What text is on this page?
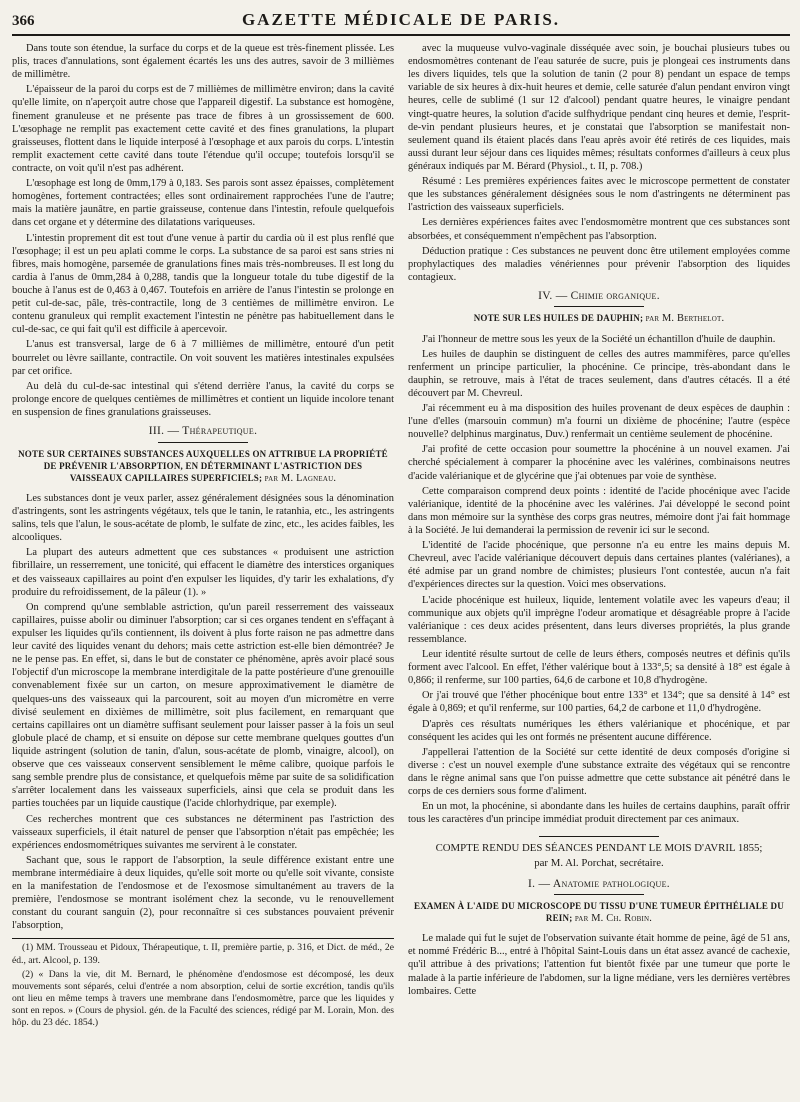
366	GAZETTE MÉDICALE DE PARIS.

Dans toute son étendue, la surface du corps et de la queue est très-finement plissée. Les plis, traces d'annulations, sont également écartés les uns des autres, savoir de 3 millièmes de millimètre.

L'épaisseur de la paroi du corps est de 7 millièmes de millimètre environ; dans la cavité qu'elle limite, on n'aperçoit autre chose que l'appareil digestif. La substance est homogène, finement granuleuse et ne présente pas trace de fibres à un grossissement de 600. L'œsophage ne remplit pas exactement cette cavité et des fines granulations, la plupart graisseuses, flottent dans le liquide interposé à l'œsophage et aux parois du corps. L'intestin remplit exactement cette cavité dans toute l'étendue qu'il occupe; toutefois lorsqu'il se contracte, on voit qu'il n'est pas adhérent.

L'œsophage est long de 0mm,179 à 0,183. Ses parois sont assez épaisses, complètement homogènes, fortement contractées; elles sont ordinairement rapprochées l'une de l'autre; mais la matière jaunâtre, en partie graisseuse, contenue dans l'intestin, refoule quelquefois dans cet organe et y détermine des dilatations variqueuses.

L'intestin proprement dit est tout d'une venue à partir du cardia où il est plus renflé que l'œsophage; il est un peu aplati comme le corps. La substance de sa paroi est sans stries ni fibres, mais homogène, parsemée de granulations fines mais très-nombreuses. Il est long du cardia à l'anus de 0mm,284 à 0,288, tandis que la longueur totale du tube digestif de la bouche à l'anus est de 0,463 à 0,467. Toutefois en arrière de l'anus l'intestin se prolonge en petit cul-de-sac, pâle, très-contractile, long de 3 centièmes de millimètre environ. Le contenu granuleux qui remplit exactement l'intestin ne pénètre pas habituellement dans le cul-de-sac, ce qui fait qu'il est difficile à apercevoir.

L'anus est transversal, large de 6 à 7 millièmes de millimètre, entouré d'un petit bourrelet ou lèvre saillante, contractile. On voit souvent les matières intestinales expulsées par cet orifice.

Au delà du cul-de-sac intestinal qui s'étend derrière l'anus, la cavité du corps se prolonge encore de quelques centièmes de millimètres et contient un liquide incolore tenant en suspension de fines granulations graisseuses.

III. — Thérapeutique.
NOTE SUR CERTAINES SUBSTANCES AUXQUELLES ON ATTRIBUE LA PROPRIÉTÉ DE PRÉVENIR L'ABSORPTION, EN DÉTERMINANT L'ASTRICTION DES VAISSEAUX CAPILLAIRES SUPERFICIELS; par M. Lagneau.

Les substances dont je veux parler, assez généralement désignées sous la dénomination d'astringents, sont les astringents végétaux, tels que le tanin, le ratanhia, etc., les astringents salins, tels que l'alun, le sous-acétate de plomb, le sulfate de zinc, etc., les acides faibles, les alcooliques.

La plupart des auteurs admettent que ces substances « produisent une astriction fibrillaire, un resserrement, une tonicité, qui effacent le diamètre des interstices organiques et des vaisseaux capillaires au point d'en expulser les liquides, d'y tarir les exhalations, d'y produire du refroidissement, de la pâleur (1). »

On comprend qu'une semblable astriction, qu'un pareil resserrement des vaisseaux capillaires, puisse abolir ou diminuer l'absorption; car si ces organes tendent en s'effaçant à expulser les liquides qu'ils contiennent, ils doivent à plus forte raison ne pas admettre dans leur cavité des liquides venant du dehors; mais cette astriction est-elle bien démontrée? Je ne le pense pas. En effet, si, dans le but de constater ce phénomène, après avoir placé sous l'objectif d'un microscope la membrane interdigitale de la patte postérieure d'une grenouille convenablement fixée sur un carton, on mesure approximativement le diamètre de quelques-uns des vaisseaux qui la parcourent, soit au moyen d'un micromètre en verre divisé seulement en dixièmes de millimètre, soit plus facilement, en remarquant que certains capillaires ont un diamètre suffisant seulement pour laisser passer à la fois un seul globule placé de champ, et si ensuite on dépose sur cette membrane quelques gouttes d'un liquide astringent (solution de tanin, d'alun, sous-acétate de plomb, vinaigre, alcool), on observe que ces vaisseaux conservent sensiblement le même calibre, quoique parfois le sang semble prendre plus de consistance, et quelquefois même par suite de sa solidification s'arrêter localement dans les vaisseaux superficiels, ainsi que cela se produit dans les parties touchées par un liquide caustique (l'acide chlorhydrique, par exemple).

Ces recherches montrent que ces substances ne déterminent pas l'astriction des vaisseaux superficiels, il était naturel de penser que l'absorption n'était pas empêchée; les expériences endosmométriques suivantes me servirent à le constater.

Sachant que, sous le rapport de l'absorption, la seule différence existant entre une membrane intermédiaire à deux liquides, qu'elle soit morte ou qu'elle soit vivante, consiste en la manifestation de l'endosmose et de l'exosmose simultanément au travers de la première, l'endosmose se montrant isolément chez la seconde, vu le renouvellement constant du courant sanguin (2), pour reconnaître si ces substances pouvaient prévenir l'absorption,

(1) MM. Trousseau et Pidoux, Thérapeutique, t. II, première partie, p. 316, et Dict. de méd., 2e éd., art. Alcool, p. 139.

(2) « Dans la vie, dit M. Bernard, le phénomène d'endosmose est décomposé, les deux mouvements sont séparés, celui d'entrée a nom absorption, celui de sortie excrétion, tandis qu'ils ont lieu en même temps à travers une membrane dans l'endosmomètre, parce que les liquides y sont en repos. » (Cours de physiol. gén. de la Faculté des sciences, rédigé par M. Lorain, Mon. des hôp. du 23 déc. 1854.)

avec la muqueuse vulvo-vaginale disséquée avec soin, je bouchai plusieurs tubes ou endosmomètres contenant de l'eau saturée de sucre, puis je plongeai ces instruments dans les divers liquides, tels que la solution de tanin (2 pour 8) pendant un espace de temps variable de six heures à dix-huit heures et demie, celle saturée d'alun pendant environ vingt heures, celle de sublimé (1 sur 12 d'alcool) pendant quatre heures, le vinaigre pendant vingt-quatre heures, la solution d'acide sulfhydrique pendant cinq heures et demie, l'esprit-de-vin pendant plusieurs heures, et je constatai que l'absorption se manifestait non-seulement quand ils étaient placés dans l'eau après avoir été retirés de ces liquides, mais aussi durant leur séjour dans ces liquides mêmes; résultats conformes d'ailleurs à ceux plus généraux indiqués par M. Bérard (Physiol., t. II, p. 708.)

Résumé : Les premières expériences faites avec le microscope permettent de constater que les substances généralement désignées sous le nom d'astringents ne déterminent pas l'astriction des vaisseaux superficiels.

Les dernières expériences faites avec l'endosmomètre montrent que ces substances sont absorbées, et conséquemment n'empêchent pas l'absorption.

Déduction pratique : Ces substances ne peuvent donc être utilement employées comme prophylactiques des maladies vénériennes pour prévenir l'absorption des liquides contagieux.

IV. — Chimie organique.
NOTE SUR LES HUILES DE DAUPHIN; par M. Berthelot.

J'ai l'honneur de mettre sous les yeux de la Société un échantillon d'huile de dauphin.

Les huiles de dauphin se distinguent de celles des autres mammifères, parce qu'elles renferment un principe particulier, la phocénine. Ce principe, très-abondant dans le dauphin, se retrouve, mais à l'état de traces seulement, dans d'autres cétacés. Il a été découvert par M. Chevreul.

J'ai récemment eu à ma disposition des huiles provenant de deux espèces de dauphin : l'une d'elles (marsouin commun) m'a fourni un dixième de phocénine; l'autre (espèce nouvelle? delphinus marginatus, Duv.) renfermait un centième seulement de phocénine.

J'ai profité de cette occasion pour soumettre la phocénine à un nouvel examen. J'ai cherché spécialement à comparer la phocénine avec les valérines, combinaisons neutres d'acide valérianique et de glycérine que j'ai obtenues par voie de synthèse.

Cette comparaison comprend deux points : identité de l'acide phocénique avec l'acide valérianique, identité de la phocénine avec les valérines. J'ai développé le second point dans mon mémoire sur la synthèse des corps gras neutres, mémoire dont j'ai fait hommage à la Société. Je lui demanderai la permission de revenir ici sur le second.

L'identité de l'acide phocénique, que personne n'a eu entre les mains depuis M. Chevreul, avec l'acide valérianique découvert depuis dans certaines plantes (valérianes), a été admise par un grand nombre de chimistes; plusieurs l'ont contestée, aucun n'a fait d'expériences directes sur la question. Voici mes observations.

L'acide phocénique est huileux, liquide, lentement volatile avec les vapeurs d'eau; il communique aux objets qu'il imprègne l'odeur aromatique et désagréable propre à l'acide valérianique : ces deux acides présentent, dans leurs diverses propriétés, la plus grande ressemblance.

Leur identité résulte surtout de celle de leurs éthers, composés neutres et définis qu'ils forment avec l'alcool. En effet, l'éther valérique bout à 133°,5; sa densité à 18° est égale à 0,866; il renferme, sur 100 parties, 64,6 de carbone et 10,8 d'hydrogène.

Or j'ai trouvé que l'éther phocénique bout entre 133° et 134°; que sa densité à 14° est égale à 0,869; et qu'il renferme, sur 100 parties, 64,2 de carbone et 11,0 d'hydrogène.

D'après ces résultats numériques les éthers valérianique et phocénique, et par conséquent les acides qui les ont formés ne présentent aucune différence.

J'appellerai l'attention de la Société sur cette identité de deux composés d'origine si diverse : c'est un nouvel exemple d'une substance extraite des végétaux qui se rencontre dans le règne animal sans que l'on puisse admettre que cette substance ait pénétré dans le corps de ces derniers sous forme d'aliment.

En un mot, la phocénine, si abondante dans les huiles de certains dauphins, paraît offrir tous les caractères d'un principe immédiat produit directement par ces animaux.

COMPTE RENDU DES SÉANCES PENDANT LE MOIS D'AVRIL 1855;
par M. Al. Porchat, secrétaire.
I. — Anatomie pathologique.
EXAMEN À L'AIDE DU MICROSCOPE DU TISSU D'UNE TUMEUR ÉPITHÉLIALE DU REIN; par M. Ch. Robin.

Le malade qui fut le sujet de l'observation suivante était homme de peine, âgé de 51 ans, et nommé Frédéric B..., entré à l'hôpital Saint-Louis dans un état assez avancé de cachexie, qu'il attribue à des privations; l'attention fut bientôt fixée par une tumeur que porte le malade à la partie inférieure de l'abdomen, sur la ligne médiane, vers les dernières vertèbres lombaires. Cette
